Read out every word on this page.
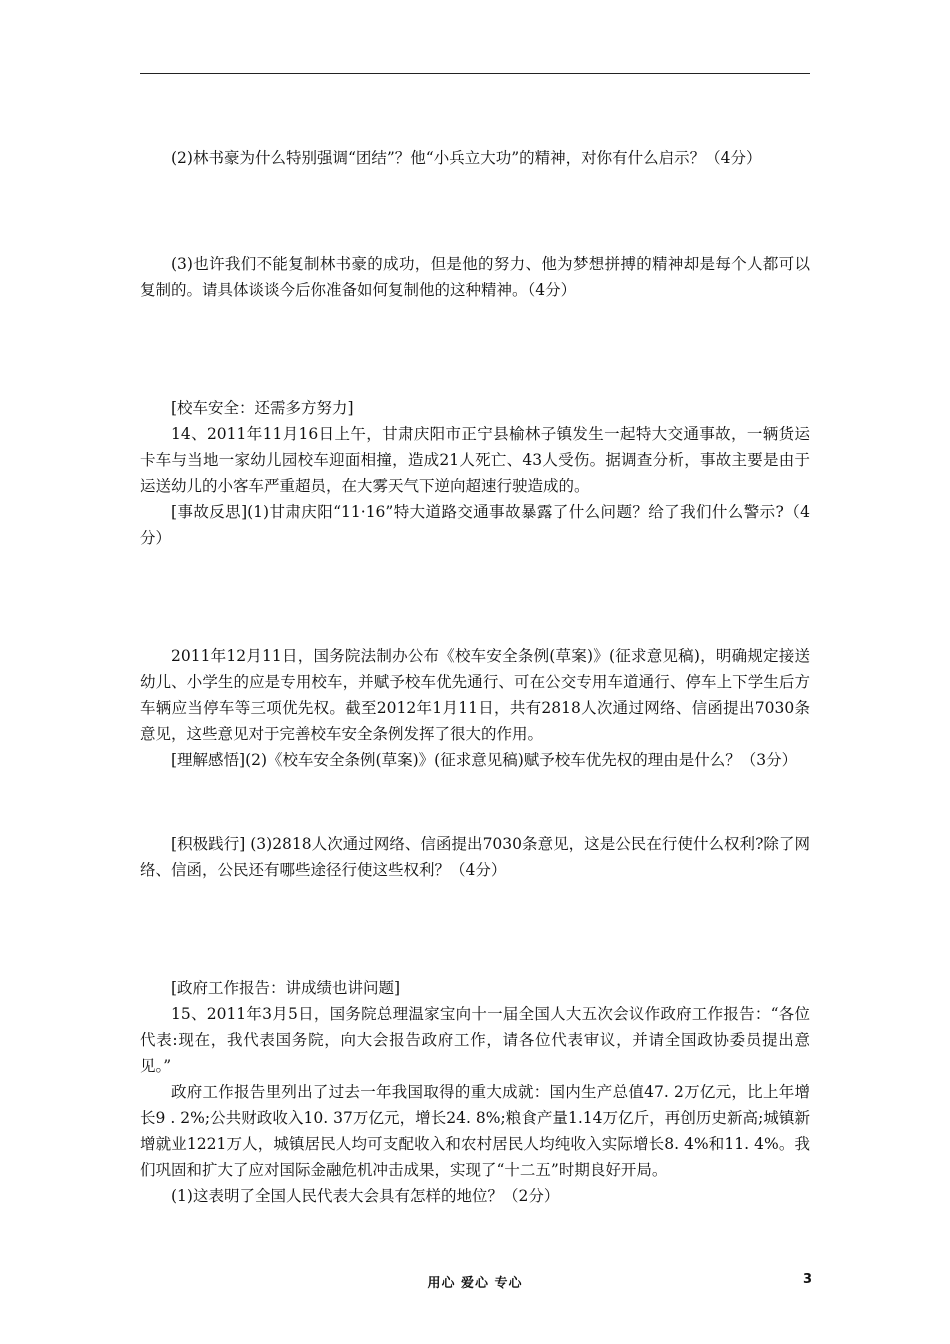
(2)林书豪为什么特别强调“团结”？他“小兵立大功”的精神，对你有什么启示？（4分）

(3)也许我们不能复制林书豪的成功，但是他的努力、他为梦想拼搏的精神却是每个人都可以复制的。请具体谈谈今后你准备如何复制他的这种精神。（4分）

[校车安全：还需多方努力]

14、2011年11月16日上午，甘肃庆阳市正宁县榆林子镇发生一起特大交通事故，一辆货运卡车与当地一家幼儿园校车迎面相撞，造成21人死亡、43人受伤。据调查分析，事故主要是由于运送幼儿的小客车严重超员，在大雾天气下逆向超速行驶造成的。

[事故反思](1)甘肃庆阳“11·16”特大道路交通事故暴露了什么问题？给了我们什么警示?（4分）

2011年12月11日，国务院法制办公布《校车安全条例(草案)》(征求意见稿)，明确规定接送幼儿、小学生的应是专用校车，并赋予校车优先通行、可在公交专用车道通行、停车上下学生后方车辆应当停车等三项优先权。截至2012年1月11日，共有2818人次通过网络、信函提出7030条意见，这些意见对于完善校车安全条例发挥了很大的作用。

[理解感悟](2)《校车安全条例(草案)》(征求意见稿)赋予校车优先权的理由是什么？（3分）

[积极践行] (3)2818人次通过网络、信函提出7030条意见，这是公民在行使什么权利?除了网络、信函，公民还有哪些途径行使这些权利？（4分）

[政府工作报告：讲成绩也讲问题]

15、2011年3月5日，国务院总理温家宝向十一届全国人大五次会议作政府工作报告：“各位代表:现在，我代表国务院，向大会报告政府工作，请各位代表审议，并请全国政协委员提出意见。”

政府工作报告里列出了过去一年我国取得的重大成就：国内生产总值47. 2万亿元，比上年增长9 . 2%;公共财政收入10. 37万亿元，增长24. 8%;粮食产量1.14万亿斤，再创历史新高;城镇新增就业1221万人，城镇居民人均可支配收入和农村居民人均纯收入实际增长8. 4%和11. 4%。我们巩固和扩大了应对国际金融危机冲击成果，实现了“十二五”时期良好开局。

(1)这表明了全国人民代表大会具有怎样的地位？（2分）

用心 爱心 专心	3
